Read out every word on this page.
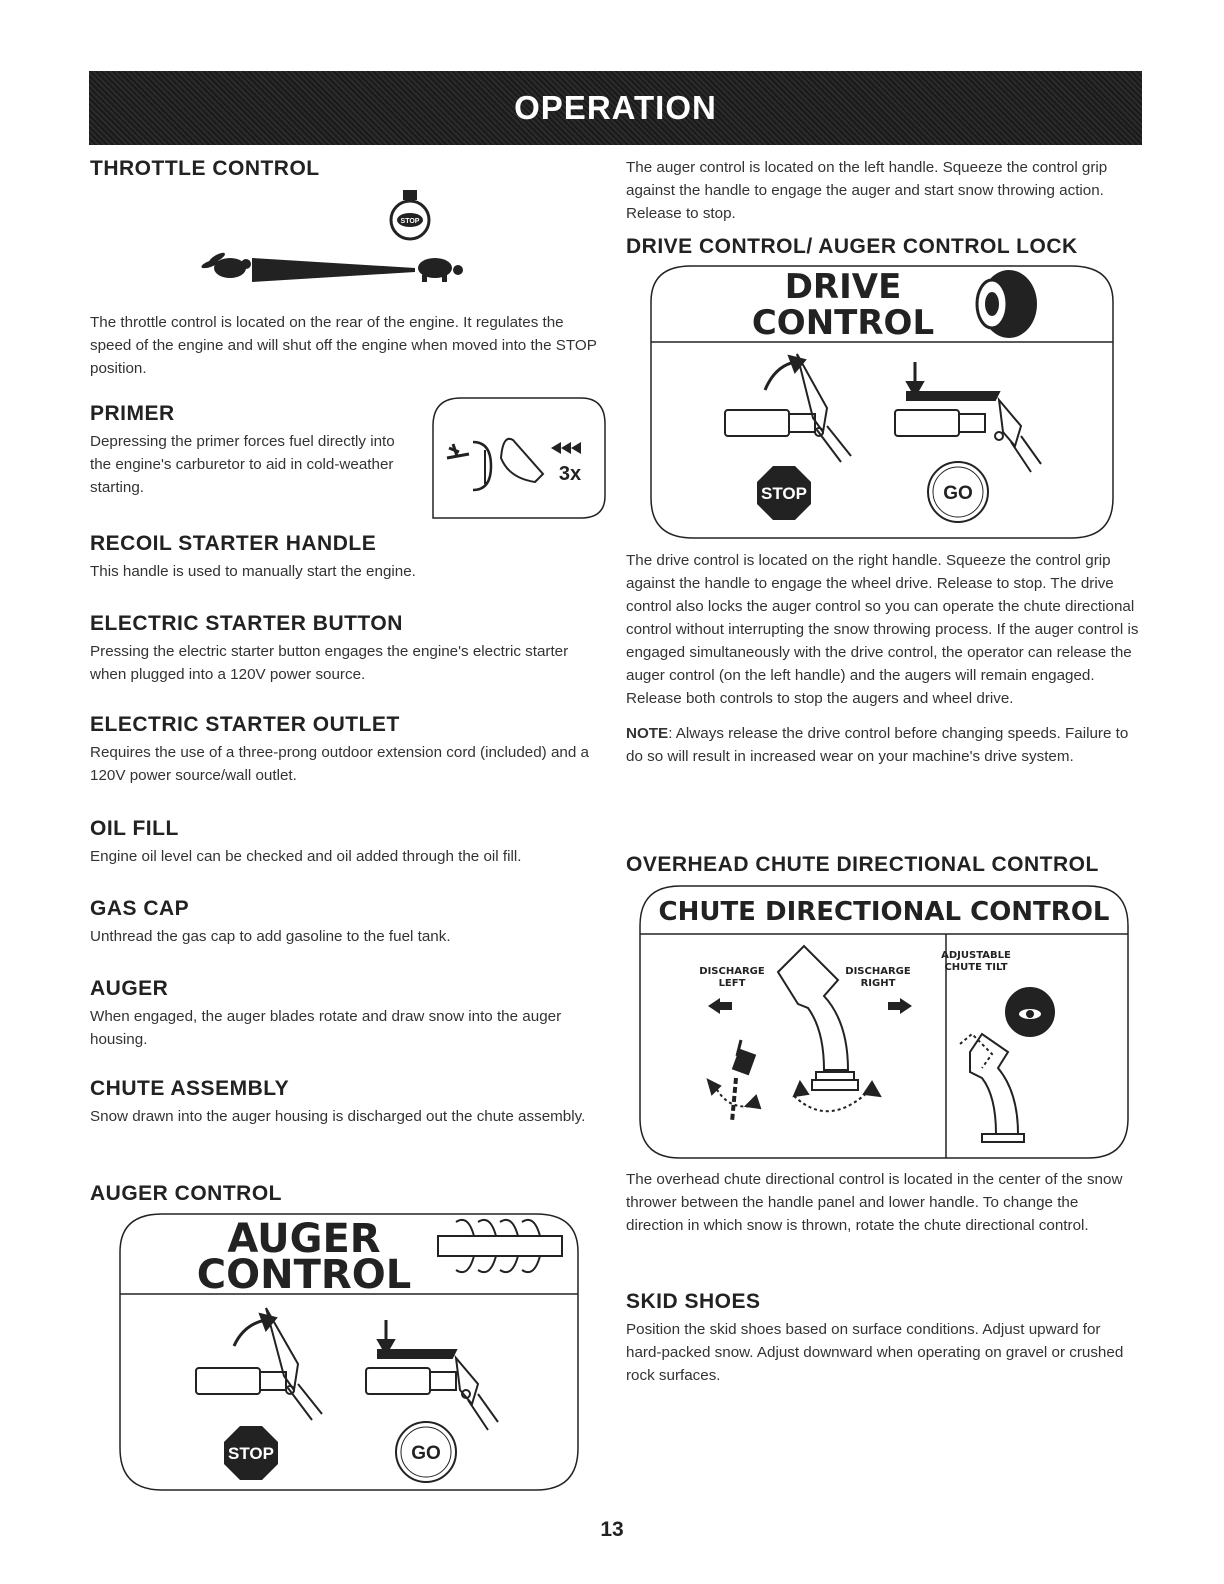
OPERATION
THROTTLE CONTROL
STOP

The throttle control is located on the rear of the engine. It regulates the speed of the engine and will shut off the engine when moved into the STOP position.

PRIMER

Depressing the primer forces fuel directly into the engine's carburetor to aid in cold-weather starting.

3x
RECOIL STARTER HANDLE

This handle is used to manually start the engine.

ELECTRIC STARTER BUTTON

Pressing the electric starter button engages the engine's electric starter when plugged into a 120V power source.

ELECTRIC STARTER OUTLET

Requires the use of a three-prong outdoor extension cord (included) and a 120V power source/wall outlet.

OIL FILL

Engine oil level can be checked and oil added through the oil fill.

GAS CAP

Unthread the gas cap to add gasoline to the fuel tank.

AUGER

When engaged, the auger blades rotate and draw snow into the auger housing.

CHUTE ASSEMBLY

Snow drawn into the auger housing is discharged out the chute assembly.

AUGER CONTROL
AUGER
CONTROL
STOP	GO

The auger control is located on the left handle. Squeeze the control grip against the handle to engage the auger and start snow throwing action. Release to stop.

DRIVE CONTROL/ AUGER CONTROL LOCK

The drive control is located on the right handle. Squeeze the control grip against the handle to engage the wheel drive. Release to stop. The drive control also locks the auger control so you can operate the chute directional control without interrupting the snow throwing process. If the auger control is engaged simultaneously with the drive control, the operator can release the auger control (on the left handle) and the augers will remain engaged. Release both controls to stop the augers and wheel drive.

NOTE: Always release the drive control before changing speeds. Failure to do so will result in increased wear on your machine's drive system.

OVERHEAD CHUTE DIRECTIONAL CONTROL

The overhead chute directional control is located in the center of the snow thrower between the handle panel and lower handle. To change the direction in which snow is thrown, rotate the chute directional control.

SKID SHOES

Position the skid shoes based on surface conditions. Adjust upward for hard-packed snow. Adjust downward when operating on gravel or crushed rock surfaces.

DRIVE
CONTROL
STOP	GO
CHUTE DIRECTIONAL CONTROL
DISCHARGE
LEFT
DISCHARGE
RIGHT
ADJUSTABLE
CHUTE TILT
13
